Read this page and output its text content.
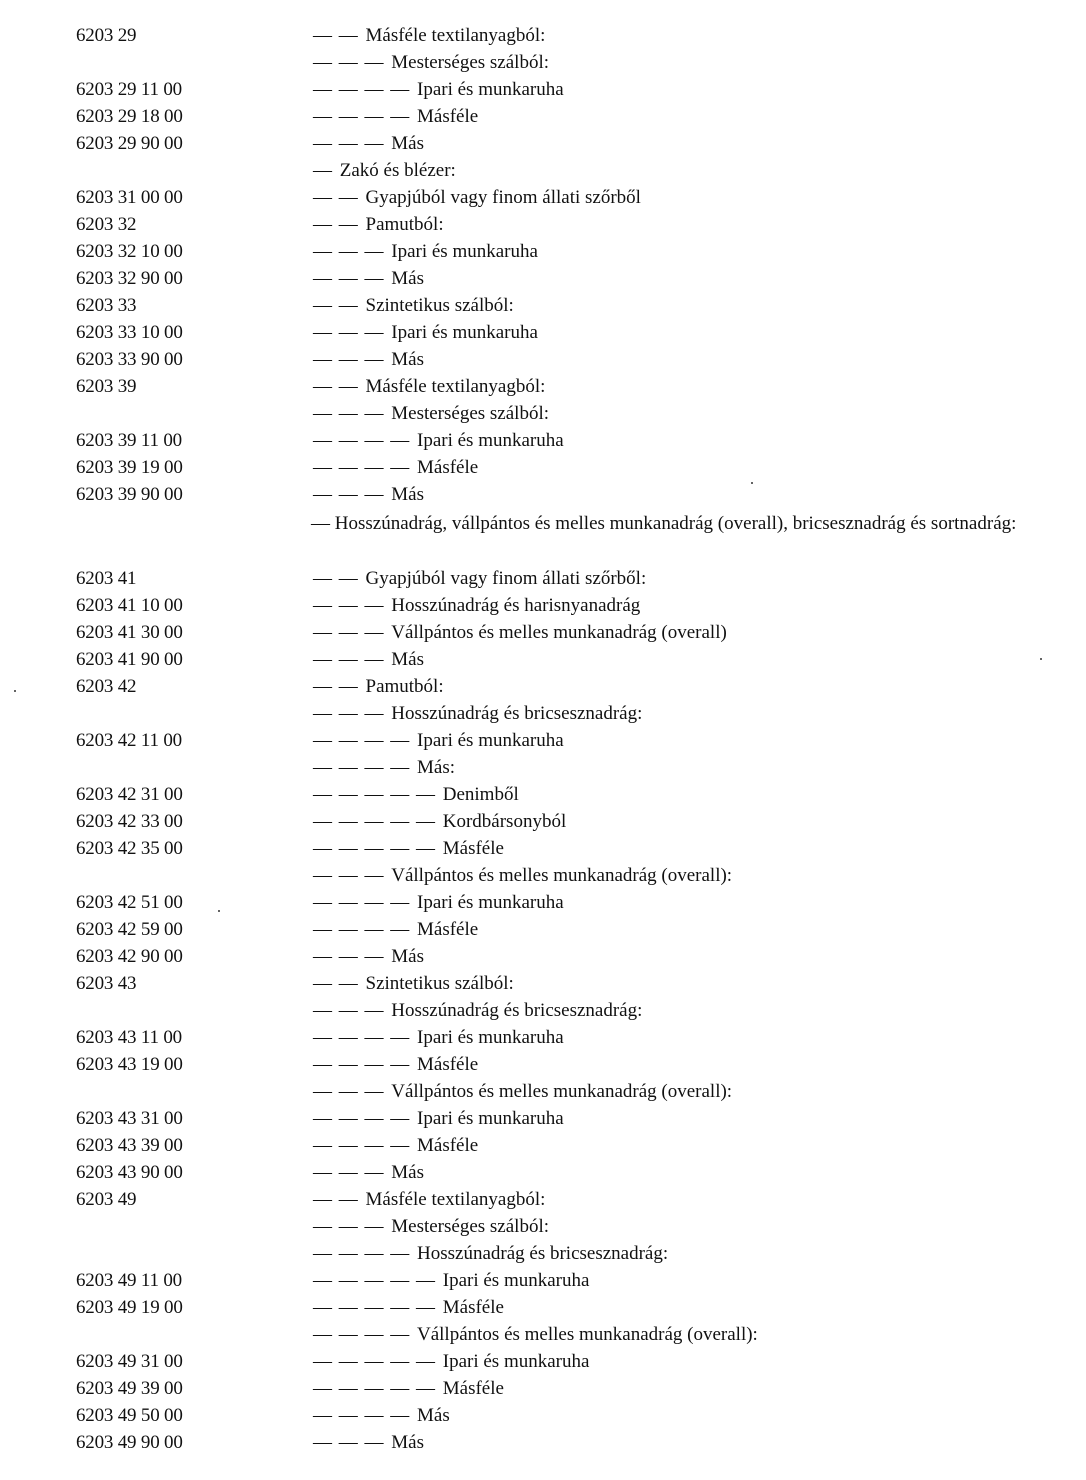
6203 29	— — Másféle textilanyagból:
— — — Mesterséges szálból:
6203 29 11 00	— — — — Ipari és munkaruha
6203 29 18 00	— — — — Másféle
6203 29 90 00	— — — Más
— Zakó és blézer:
6203 31 00 00	— — Gyapjúból vagy finom állati szőrből
6203 32	— — Pamutból:
6203 32 10 00	— — — Ipari és munkaruha
6203 32 90 00	— — — Más
6203 33	— — Szintetikus szálból:
6203 33 10 00	— — — Ipari és munkaruha
6203 33 90 00	— — — Más
6203 39	— — Másféle textilanyagból:
— — — Mesterséges szálból:
6203 39 11 00	— — — — Ipari és munkaruha
6203 39 19 00	— — — — Másféle
6203 39 90 00	— — — Más
— Hosszúnadrág, vállpántos és melles munkanadrág (overall), bricsesznadrág és sortnadrág:
6203 41	— — Gyapjúból vagy finom állati szőrből:
6203 41 10 00	— — — Hosszúnadrág és harisnyanadrág
6203 41 30 00	— — — Vállpántos és melles munkanadrág (overall)
6203 41 90 00	— — — Más
6203 42	— — Pamutból:
— — — Hosszúnadrág és bricsesznadrág:
6203 42 11 00	— — — — Ipari és munkaruha
— — — — Más:
6203 42 31 00	— — — — — Denimből
6203 42 33 00	— — — — — Kordbársonyból
6203 42 35 00	— — — — — Másféle
— — — Vállpántos és melles munkanadrág (overall):
6203 42 51 00	— — — — Ipari és munkaruha
6203 42 59 00	— — — — Másféle
6203 42 90 00	— — — Más
6203 43	— — Szintetikus szálból:
— — — Hosszúnadrág és bricsesznadrág:
6203 43 11 00	— — — — Ipari és munkaruha
6203 43 19 00	— — — — Másféle
— — — Vállpántos és melles munkanadrág (overall):
6203 43 31 00	— — — — Ipari és munkaruha
6203 43 39 00	— — — — Másféle
6203 43 90 00	— — — Más
6203 49	— — Másféle textilanyagból:
— — — Mesterséges szálból:
— — — — Hosszúnadrág és bricsesznadrág:
6203 49 11 00	— — — — — Ipari és munkaruha
6203 49 19 00	— — — — — Másféle
— — — — Vállpántos és melles munkanadrág (overall):
6203 49 31 00	— — — — — Ipari és munkaruha
6203 49 39 00	— — — — — Másféle
6203 49 50 00	— — — — Más
6203 49 90 00	— — — Más
